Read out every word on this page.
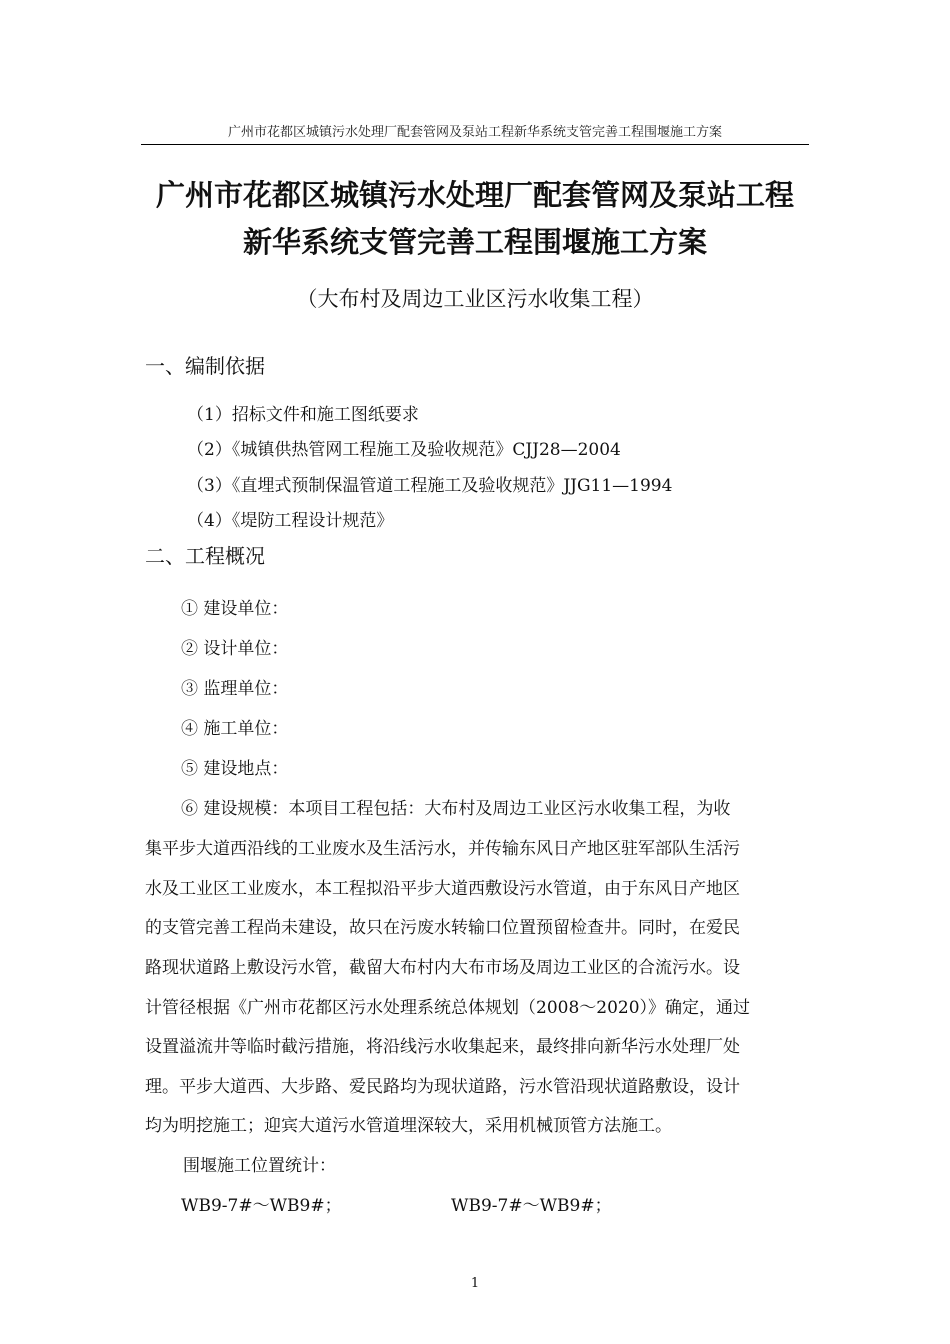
广州市花都区城镇污水处理厂配套管网及泵站工程新华系统支管完善工程围堰施工方案
广州市花都区城镇污水处理厂配套管网及泵站工程
新华系统支管完善工程围堰施工方案
（大布村及周边工业区污水收集工程）
一、编制依据
（1）招标文件和施工图纸要求
（2）《城镇供热管网工程施工及验收规范》CJJ28—2004
（3）《直埋式预制保温管道工程施工及验收规范》JJG11—1994
（4）《堤防工程设计规范》
二、工程概况
① 建设单位：
② 设计单位：
③ 监理单位：
④ 施工单位：
⑤ 建设地点：
⑥ 建设规模：本项目工程包括：大布村及周边工业区污水收集工程，为收
集平步大道西沿线的工业废水及生活污水，并传输东风日产地区驻军部队生活污
水及工业区工业废水，本工程拟沿平步大道西敷设污水管道，由于东风日产地区
的支管完善工程尚未建设，故只在污废水转输口位置预留检查井。同时，在爱民
路现状道路上敷设污水管，截留大布村内大布市场及周边工业区的合流污水。设
计管径根据《广州市花都区污水处理系统总体规划（2008～2020）》确定，通过
设置溢流井等临时截污措施，将沿线污水收集起来，最终排向新华污水处理厂处
理。平步大道西、大步路、爱民路均为现状道路，污水管沿现状道路敷设，设计
均为明挖施工；迎宾大道污水管道埋深较大，采用机械顶管方法施工。
围堰施工位置统计：
WB9-7#～WB9#；	WB9-7#～WB9#；
1
